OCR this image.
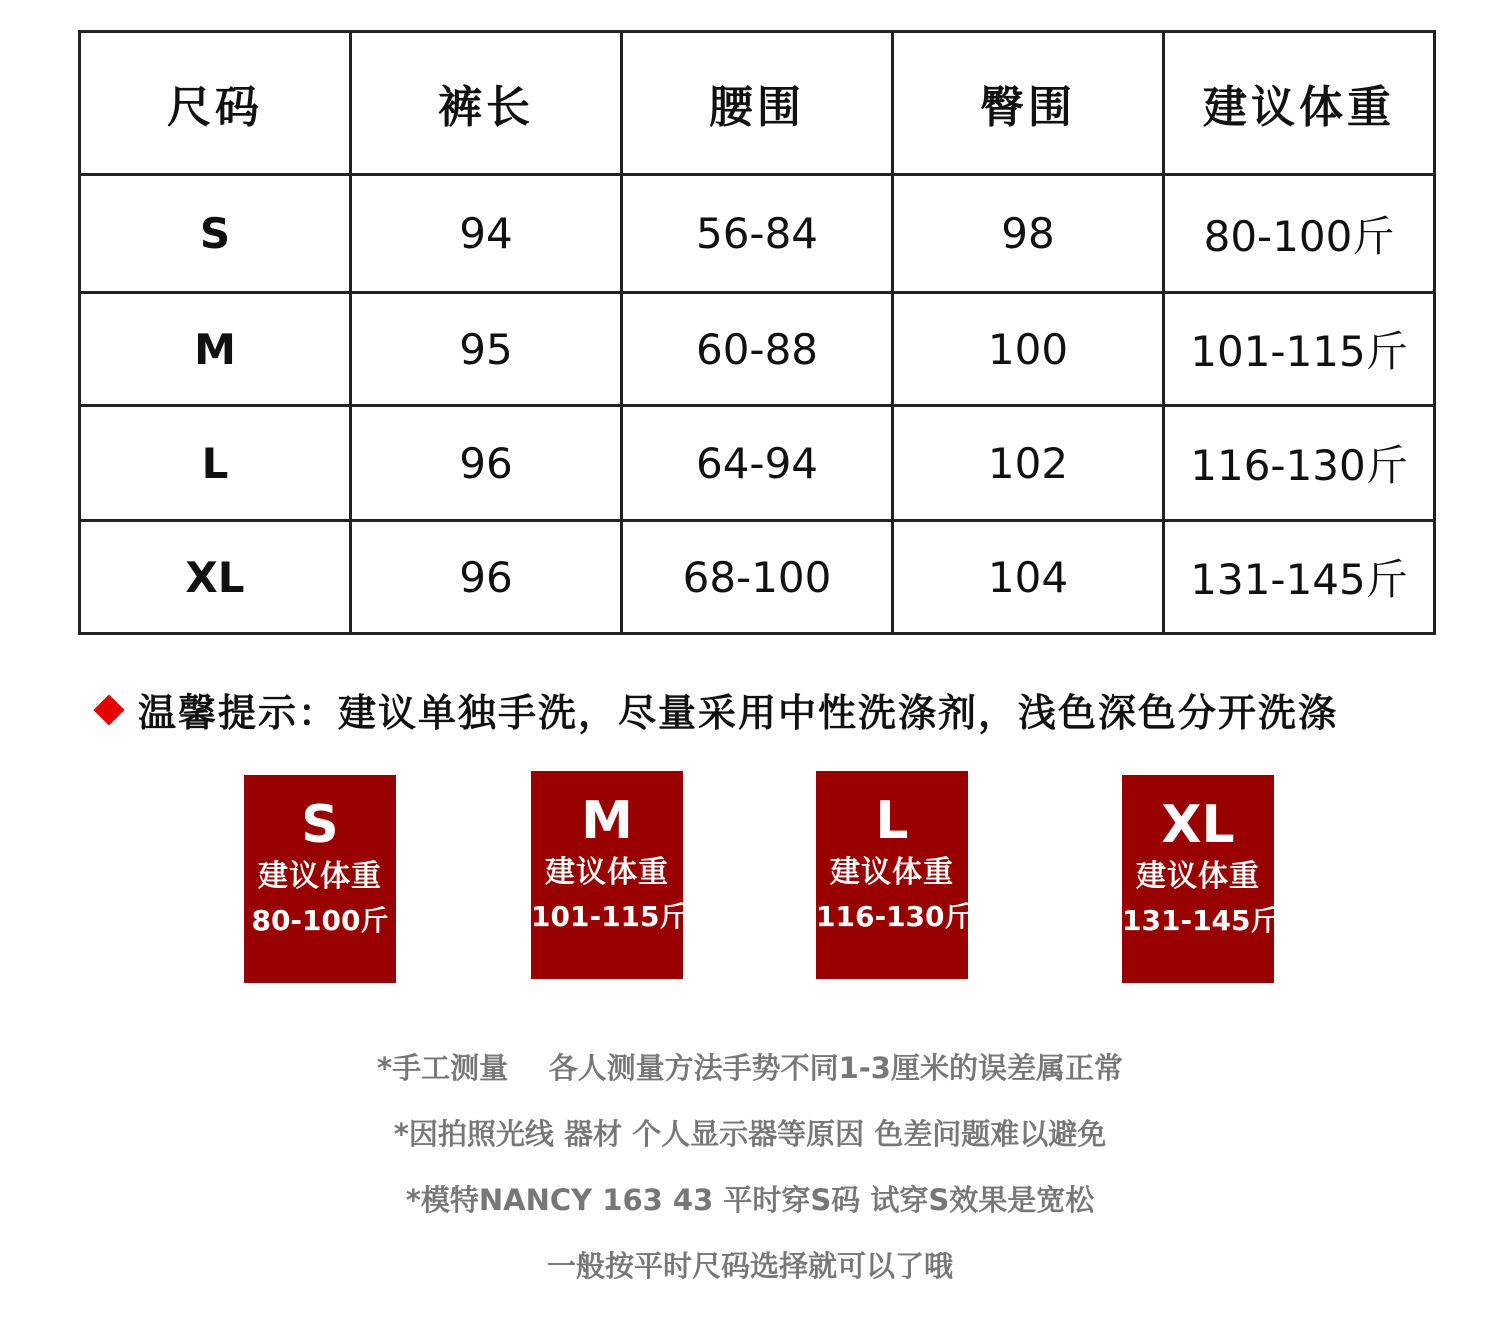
尺码	裤长	腰围	臀围	建议体重
S	94	56-84	98	80-100斤
M	95	60-88	100	101-115斤
L	96	64-94	102	116-130斤
XL	96	68-100	104	131-145斤
温馨提示：建议单独手洗，尽量采用中性洗涤剂，浅色深色分开洗涤
S
建议体重
80-100斤
M
建议体重
101-115斤
L
建议体重
116-130斤
XL
建议体重
131-145斤
*手工测量    各人测量方法手势不同1-3厘米的误差属正常
*因拍照光线 器材 个人显示器等原因 色差问题难以避免
*模特NANCY 163 43 平时穿S码 试穿S效果是宽松
一般按平时尺码选择就可以了哦
